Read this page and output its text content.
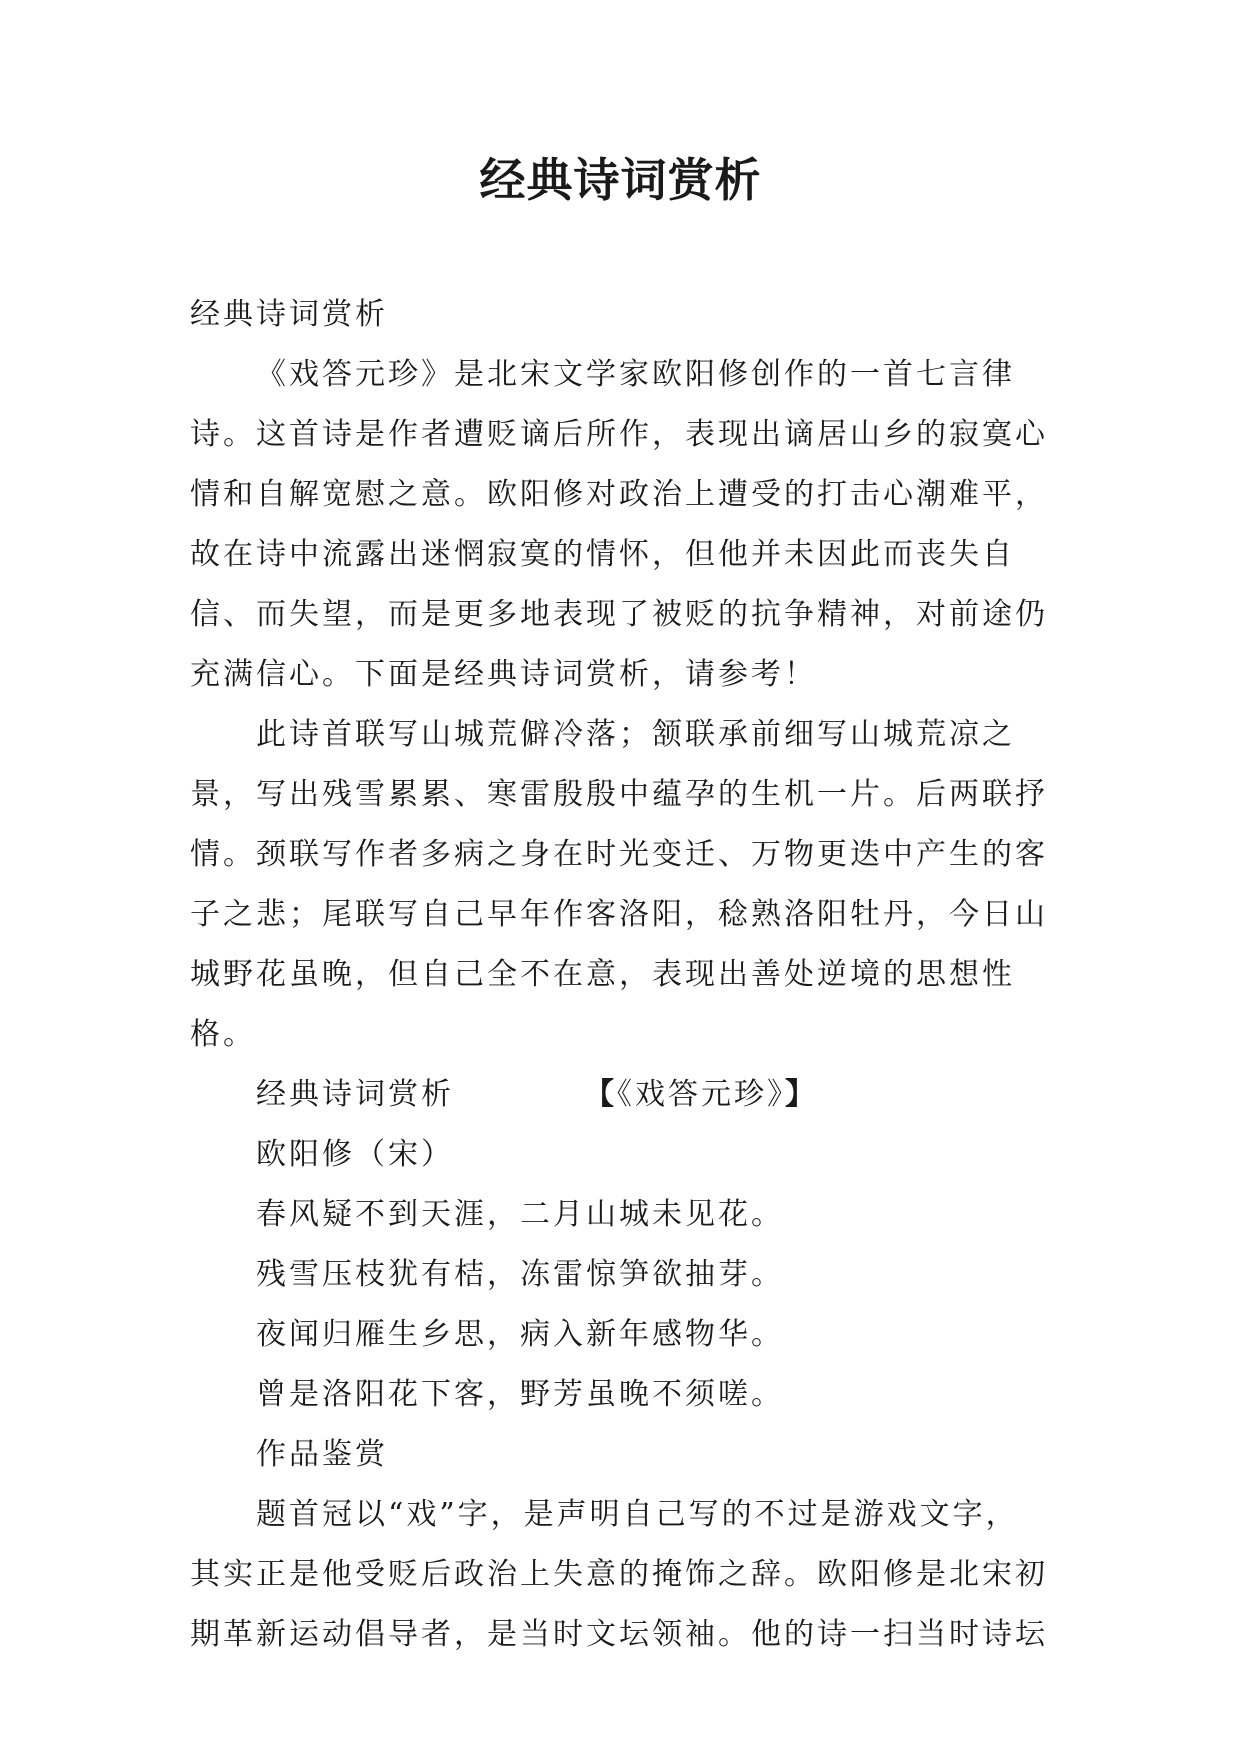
经典诗词赏析

经典诗词赏析

《戏答元珍》是北宋文学家欧阳修创作的一首七言律诗。这首诗是作者遭贬谪后所作，表现出谪居山乡的寂寞心情和自解宽慰之意。欧阳修对政治上遭受的打击心潮难平，故在诗中流露出迷惘寂寞的情怀，但他并未因此而丧失自信、而失望，而是更多地表现了被贬的抗争精神，对前途仍充满信心。下面是经典诗词赏析，请参考！

此诗首联写山城荒僻冷落；颔联承前细写山城荒凉之景，写出残雪累累、寒雷殷殷中蕴孕的生机一片。后两联抒情。颈联写作者多病之身在时光变迁、万物更迭中产生的客子之悲；尾联写自己早年作客洛阳，稔熟洛阳牡丹，今日山城野花虽晚，但自己全不在意，表现出善处逆境的思想性格。

经典诗词赏析	【《戏答元珍》】

欧阳修（宋）

春风疑不到天涯，二月山城未见花。

残雪压枝犹有桔，冻雷惊笋欲抽芽。

夜闻归雁生乡思，病入新年感物华。

曾是洛阳花下客，野芳虽晚不须嗟。

作品鉴赏

题首冠以“戏”字，是声明自己写的不过是游戏文字，其实正是他受贬后政治上失意的掩饰之辞。欧阳修是北宋初期革新运动倡导者，是当时文坛领袖。他的诗一扫当时诗坛
